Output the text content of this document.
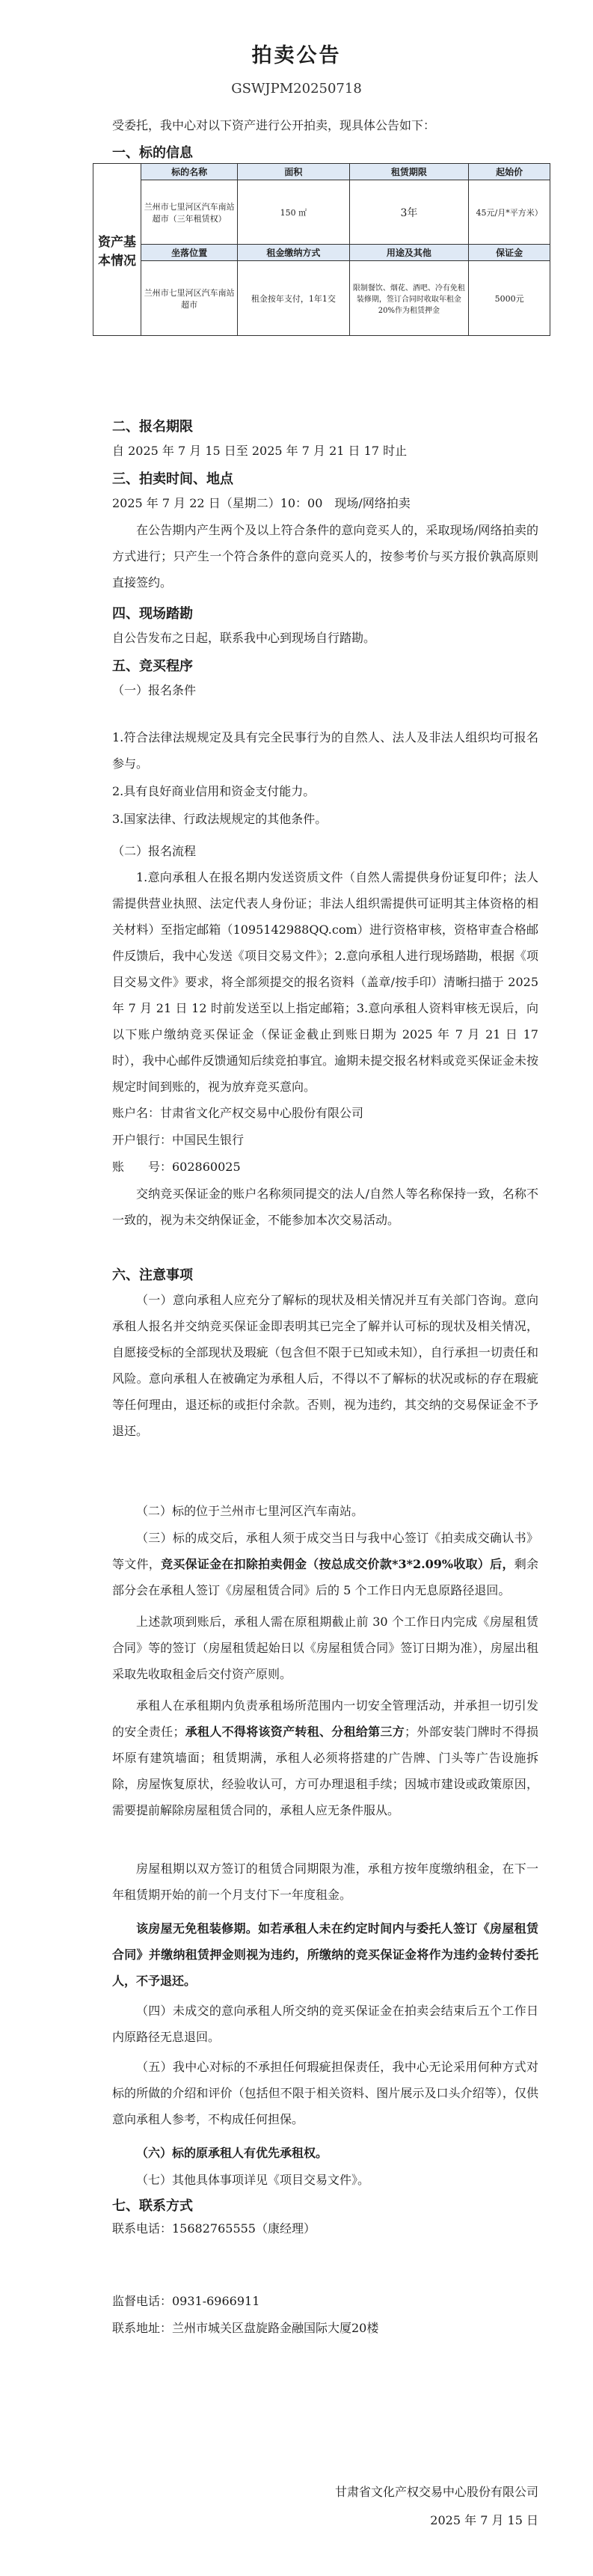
拍卖公告
GSWJPM20250718
受委托，我中心对以下资产进行公开拍卖，现具体公告如下：
一、标的信息
资产基本情况	标的名称	面积	租赁期限	起始价
	兰州市七里河区汽车南站超市（三年租赁权）	150 ㎡	3年	45元/月*平方米）
	坐落位置	租金缴纳方式	用途及其他	保证金
	兰州市七里河区汽车南站超市	租金按年支付，1年1交	限制餐饮、烟花、酒吧、冷有免租装修期，签订合同时收取年租金20%作为租赁押金	5000元
二、报名期限
自 2025 年 7 月 15 日至 2025 年 7 月 21 日 17 时止
三、拍卖时间、地点
2025 年 7 月 22 日（星期二）10：00　现场/网络拍卖
在公告期内产生两个及以上符合条件的意向竞买人的，采取现场/网络拍卖的方式进行；只产生一个符合条件的意向竞买人的，按参考价与买方报价孰高原则直接签约。
四、现场踏勘
自公告发布之日起，联系我中心到现场自行踏勘。
五、竞买程序
（一）报名条件
1.符合法律法规规定及具有完全民事行为的自然人、法人及非法人组织均可报名参与。
2.具有良好商业信用和资金支付能力。
3.国家法律、行政法规规定的其他条件。
（二）报名流程
1.意向承租人在报名期内发送资质文件（自然人需提供身份证复印件；法人需提供营业执照、法定代表人身份证；非法人组织需提供可证明其主体资格的相关材料）至指定邮箱（1095142988QQ.com）进行资格审核，资格审查合格邮件反馈后，我中心发送《项目交易文件》；2.意向承租人进行现场踏勘，根据《项目交易文件》要求，将全部须提交的报名资料（盖章/按手印）清晰扫描于 2025 年 7 月 21 日 12 时前发送至以上指定邮箱；3.意向承租人资料审核无误后，向以下账户缴纳竞买保证金（保证金截止到账日期为 2025 年 7 月 21 日 17 时），我中心邮件反馈通知后续竞拍事宜。逾期未提交报名材料或竞买保证金未按规定时间到账的，视为放弃竞买意向。
账户名：甘肃省文化产权交易中心股份有限公司
开户银行：中国民生银行
账　　号：602860025
交纳竞买保证金的账户名称须同提交的法人/自然人等名称保持一致，名称不一致的，视为未交纳保证金，不能参加本次交易活动。
六、注意事项
（一）意向承租人应充分了解标的现状及相关情况并互有关部门咨询。意向承租人报名并交纳竞买保证金即表明其已完全了解并认可标的现状及相关情况，自愿接受标的全部现状及瑕疵（包含但不限于已知或未知），自行承担一切责任和风险。意向承租人在被确定为承租人后，不得以不了解标的状况或标的存在瑕疵等任何理由，退还标的或拒付余款。否则，视为违约，其交纳的交易保证金不予退还。
（二）标的位于兰州市七里河区汽车南站。
（三）标的成交后，承租人须于成交当日与我中心签订《拍卖成交确认书》等文件，竞买保证金在扣除拍卖佣金（按总成交价款*3*2.09%收取）后，剩余部分会在承租人签订《房屋租赁合同》后的 5 个工作日内无息原路径退回。
上述款项到账后，承租人需在原租期截止前 30 个工作日内完成《房屋租赁合同》等的签订（房屋租赁起始日以《房屋租赁合同》签订日期为准），房屋出租采取先收取租金后交付资产原则。
承租人在承租期内负责承租场所范围内一切安全管理活动，并承担一切引发的安全责任；承租人不得将该资产转租、分租给第三方；外部安装门牌时不得损坏原有建筑墙面；租赁期满，承租人必须将搭建的广告牌、门头等广告设施拆除，房屋恢复原状，经验收认可，方可办理退租手续；因城市建设或政策原因，需要提前解除房屋租赁合同的，承租人应无条件服从。
房屋租期以双方签订的租赁合同期限为准，承租方按年度缴纳租金，在下一年租赁期开始的前一个月支付下一年度租金。
该房屋无免租装修期。如若承租人未在约定时间内与委托人签订《房屋租赁合同》并缴纳租赁押金则视为违约，所缴纳的竞买保证金将作为违约金转付委托人，不予退还。
（四）未成交的意向承租人所交纳的竞买保证金在拍卖会结束后五个工作日内原路径无息退回。
（五）我中心对标的不承担任何瑕疵担保责任，我中心无论采用何种方式对标的所做的介绍和评价（包括但不限于相关资料、图片展示及口头介绍等），仅供意向承租人参考，不构成任何担保。
（六）标的原承租人有优先承租权。
（七）其他具体事项详见《项目交易文件》。
七、联系方式
联系电话：15682765555（康经理）
监督电话：0931-6966911
联系地址：兰州市城关区盘旋路金融国际大厦20楼
甘肃省文化产权交易中心股份有限公司
2025 年 7 月 15 日
